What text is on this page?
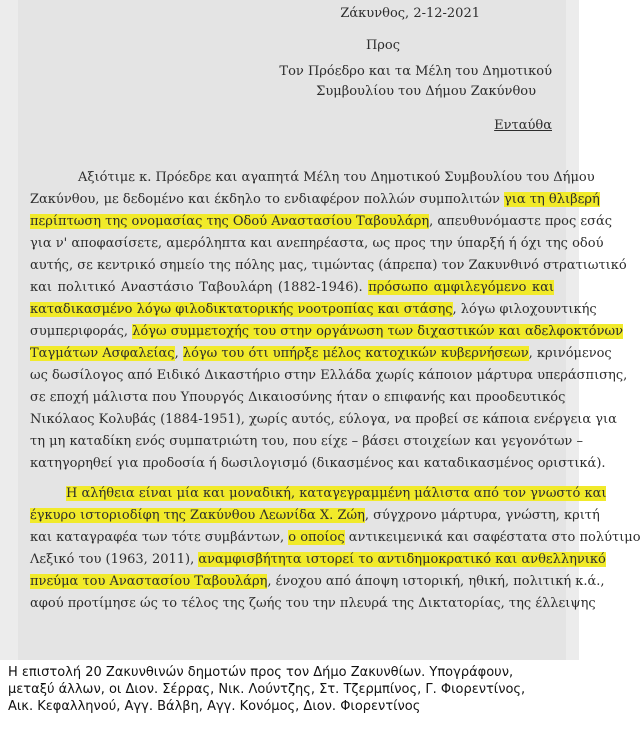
Ζάκυνθος, 2-12-2021
Προς
Τον Πρόεδρο και τα Μέλη του Δημοτικού
Συμβουλίου του Δήμου Ζακύνθου
Ενταύθα
Αξιότιμε κ. Πρόεδρε και αγαπητά Μέλη του Δημοτικού Συμβουλίου του Δήμου
Ζακύνθου, με δεδομένο και έκδηλο το ενδιαφέρον πολλών συμπολιτών για τη θλιβερή
περίπτωση της ονομασίας της Οδού Αναστασίου Ταβουλάρη, απευθυνόμαστε προς εσάς
για ν' αποφασίσετε, αμερόληπτα και ανεπηρέαστα, ως προς την ύπαρξή ή όχι της οδού
αυτής, σε κεντρικό σημείο της πόλης μας, τιμώντας (άπρεπα) τον Ζακυνθινό στρατιωτικό
και πολιτικό Αναστάσιο Ταβουλάρη (1882-1946). πρόσωπο αμφιλεγόμενο και
καταδικασμένο λόγω φιλοδικτατορικής νοοτροπίας και στάσης, λόγω φιλοχουντικής
συμπεριφοράς, λόγω συμμετοχής του στην οργάνωση των διχαστικών και αδελφοκτόνων
Ταγμάτων Ασφαλείας, λόγω του ότι υπήρξε μέλος κατοχικών κυβερνήσεων, κρινόμενος
ως δωσίλογος από Ειδικό Δικαστήριο στην Ελλάδα χωρίς κάποιον μάρτυρα υπεράσπισης,
σε εποχή μάλιστα που Υπουργός Δικαιοσύνης ήταν ο επιφανής και προοδευτικός
Νικόλαος Κολυβάς (1884-1951), χωρίς αυτός, εύλογα, να προβεί σε κάποια ενέργεια για
τη μη καταδίκη ενός συμπατριώτη του, που είχε – βάσει στοιχείων και γεγονότων –
κατηγορηθεί για προδοσία ή δωσιλογισμό (δικασμένος και καταδικασμένος οριστικά).
Η αλήθεια είναι μία και μοναδική, καταγεγραμμένη μάλιστα από τον γνωστό και
έγκυρο ιστοριοδίφη της Ζακύνθου Λεωνίδα Χ. Ζώη, σύγχρονο μάρτυρα, γνώστη, κριτή
και καταγραφέα των τότε συμβάντων, ο οποίος αντικειμενικά και σαφέστατα στο πολύτιμο
Λεξικό του (1963, 2011), αναμφισβήτητα ιστορεί το αντιδημοκρατικό και ανθελληνικό
πνεύμα του Αναστασίου Ταβουλάρη, ένοχου από άποψη ιστορική, ηθική, πολιτική κ.ά.,
αφού προτίμησε ώς το τέλος της ζωής του την πλευρά της Δικτατορίας, της έλλειψης
Η επιστολή 20 Ζακυνθινών δημοτών προς τον Δήμο Ζακυνθίων. Υπογράφουν,
μεταξύ άλλων, οι Διον. Σέρρας, Νικ. Λούντζης, Στ. Τζερμπίνος, Γ. Φιορεντίνος,
Αικ. Κεφαλληνού, Αγγ. Βάλβη, Αγγ. Κονόμος, Διον. Φιορεντίνος
